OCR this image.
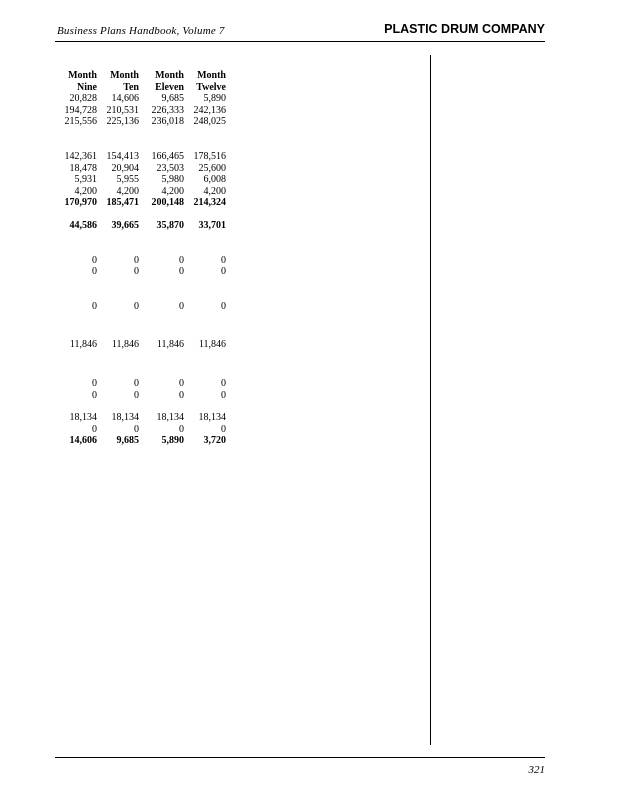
Business Plans Handbook, Volume 7	PLASTIC DRUM COMPANY
Month Month Month Month
Nine	Ten Eleven Twelve
20,828 14,606 9,685 5,890
194,728 210,531 226,333 242,136
215,556 225,136 236,018 248,025
142,361 154,413 166,465 178,516
18,478 20,904 23,503 25,600
5,931 5,955 5,980 6,008
4,200 4,200 4,200 4,200
170,970 185,471 200,148 214,324
44,586 39,665 35,870 33,701
0	0	0	0
0	0	0	0
0	0	0	0
11,846 11,846 11,846 11,846
0	0	0	0
0	0	0	0
18,134 18,134 18,134 18,134
0	0	0	0
14,606 9,685 5,890 3,720
321
